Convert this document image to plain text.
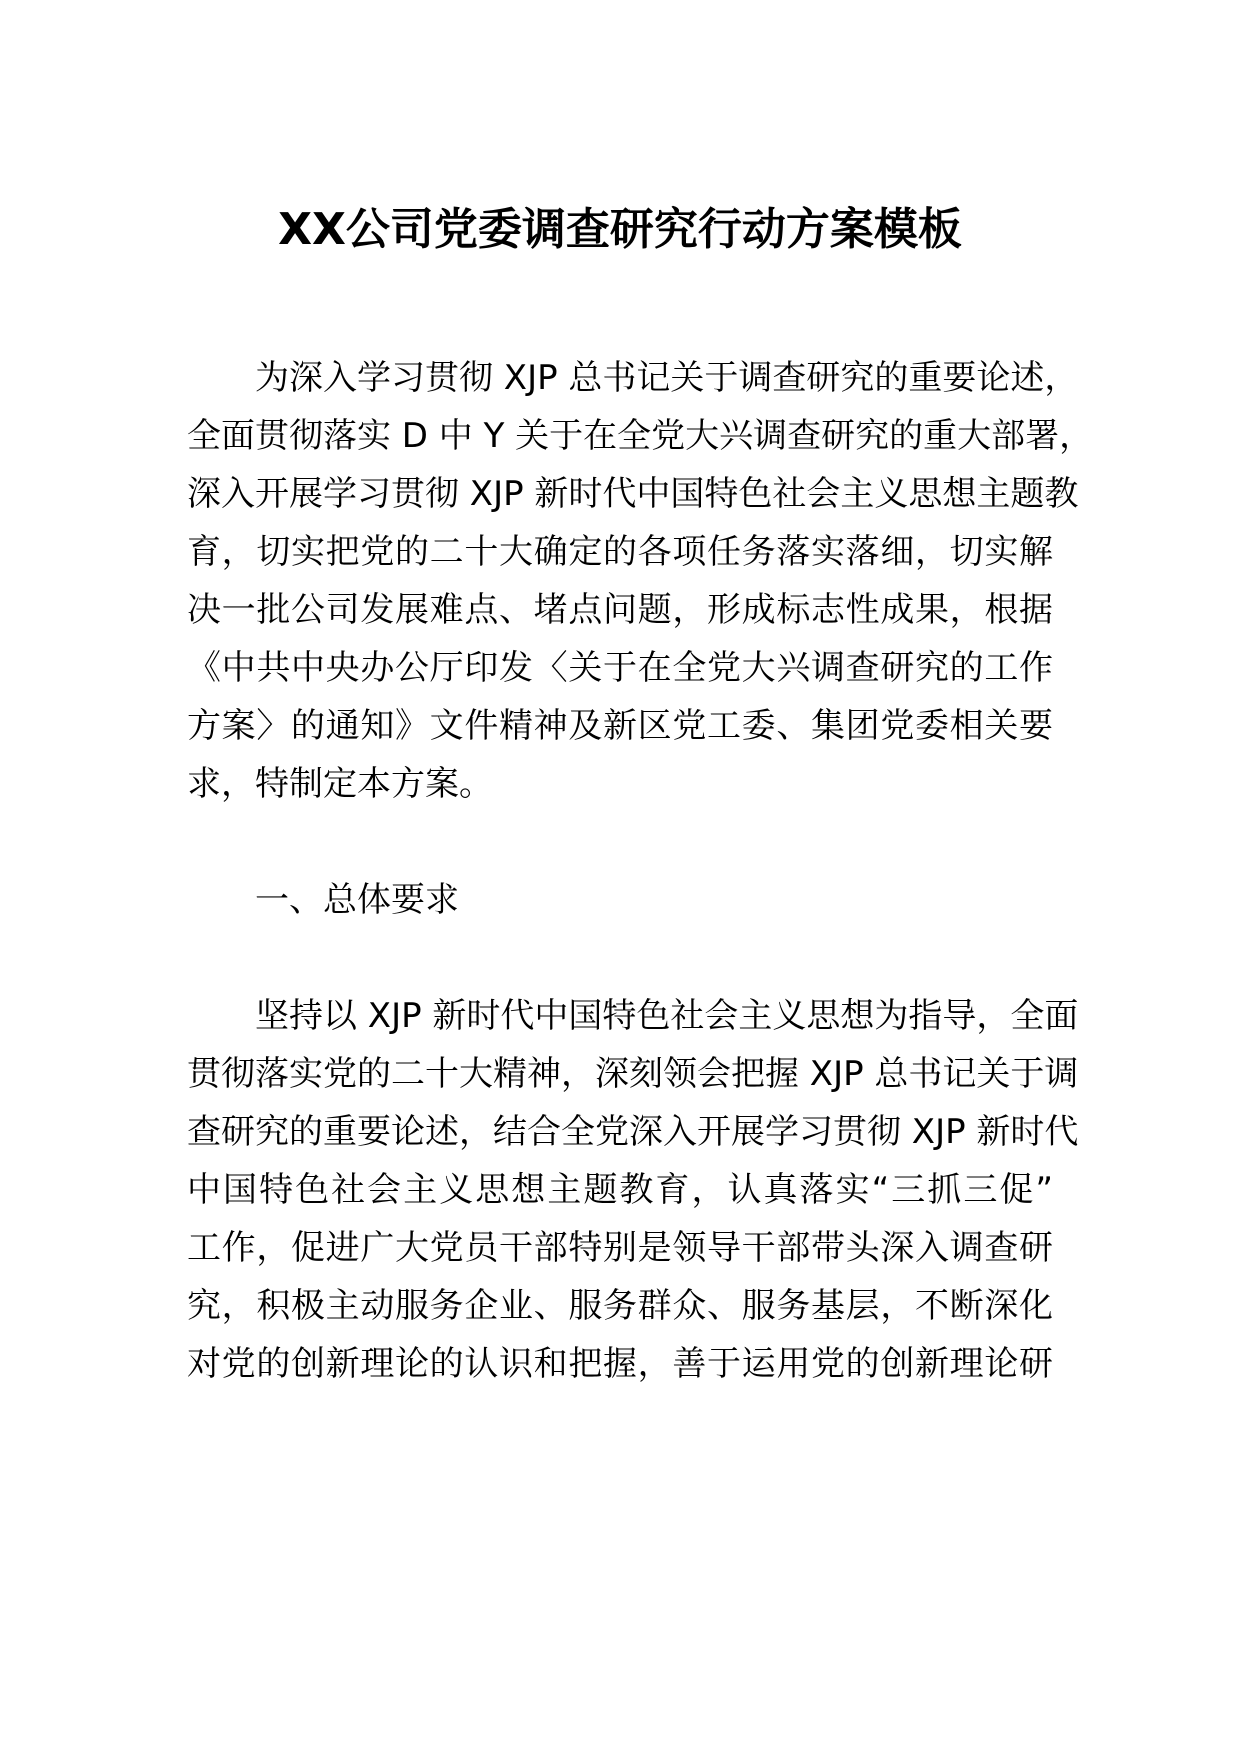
XX公司党委调查研究行动方案模板
为深入学习贯彻 XJP 总书记关于调查研究的重要论述，
全面贯彻落实 D 中 Y 关于在全党大兴调查研究的重大部署，
深入开展学习贯彻 XJP 新时代中国特色社会主义思想主题教
育，切实把党的二十大确定的各项任务落实落细，切实解
决一批公司发展难点、堵点问题，形成标志性成果，根据
《中共中央办公厅印发〈关于在全党大兴调查研究的工作
方案〉的通知》文件精神及新区党工委、集团党委相关要
求，特制定本方案。
一、总体要求
坚持以 XJP 新时代中国特色社会主义思想为指导，全面
贯彻落实党的二十大精神，深刻领会把握 XJP 总书记关于调
查研究的重要论述，结合全党深入开展学习贯彻 XJP 新时代
中国特色社会主义思想主题教育，认真落实“三抓三促”
工作，促进广大党员干部特别是领导干部带头深入调查研
究，积极主动服务企业、服务群众、服务基层，不断深化
对党的创新理论的认识和把握，善于运用党的创新理论研
